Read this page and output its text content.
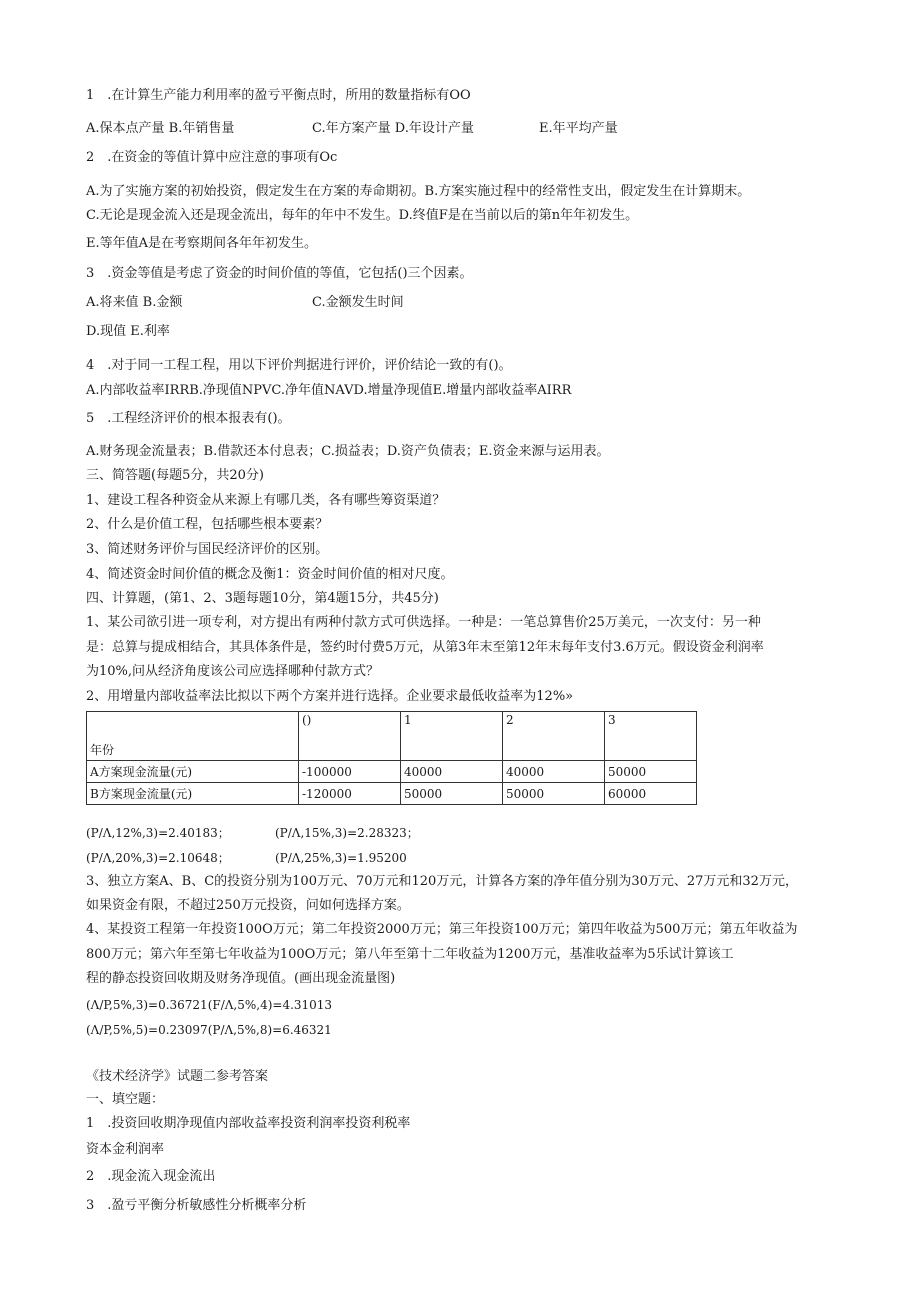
1　.在计算生产能力利用率的盈亏平衡点时，所用的数量指标有OO
A.保本点产量 B.年销售量	C.年方案产量 D.年设计产量	E.年平均产量
2　.在资金的等值计算中应注意的事项有Oc
A.为了实施方案的初始投资，假定发生在方案的寿命期初。B.方案实施过程中的经常性支出，假定发生在计算期末。
C.无论是现金流入还是现金流出，每年的年中不发生。D.终值F是在当前以后的第n年年初发生。
E.等年值A是在考察期间各年年初发生。
3　.资金等值是考虑了资金的时间价值的等值，它包括()三个因素。
A.将来值 B.金额	C.金额发生时间
D.现值 E.利率
4　.对于同一工程工程，用以下评价判据进行评价，评价结论一致的有()。
A.内部收益率IRRB.净现值NPVC.净年值NAVD.增量净现值E.增量内部收益率AIRR
5　.工程经济评价的根本报表有()。
A.财务现金流量表；B.借款还本付息表；C.损益表；D.资产负债表；E.资金来源与运用表。
三、简答题(每题5分，共20分)
1、建设工程各种资金从来源上有哪几类，各有哪些筹资渠道？
2、什么是价值工程，包括哪些根本要素？
3、简述财务评价与国民经济评价的区别。
4、简述资金时间价值的概念及衡1：资金时间价值的相对尺度。
四、计算题，(第1、2、3题每题10分，第4题15分，共45分)
1、某公司欲引进一项专利，对方提出有两种付款方式可供选择。一种是：一笔总算售价25万美元，一次支付：另一种
是：总算与提成相结合，其具体条件是，签约时付费5万元，从第3年末至第12年末每年支付3.6万元。假设资金利润率
为10%,问从经济角度该公司应选择哪种付款方式？
2、用增量内部收益率法比拟以下两个方案并进行选择。企业要求最低收益率为12%»
年份	()	1	2	3
A方案现金流量(元)	-100000	40000	40000	50000
B方案现金流量(元)	-120000	50000	50000	60000
(P/Λ,12%,3)=2.40183；	(P/Λ,15%,3)=2.28323；
(P/Λ,20%,3)=2.10648；	(P/Λ,25%,3)=1.95200
3、独立方案A、B、C的投资分别为100万元、70万元和120万元，计算各方案的净年值分别为30万元、27万元和32万元，
如果资金有限，不超过250万元投资，问如何选择方案。
4、某投资工程第一年投资100O万元；第二年投资2000万元；第三年投资100万元；第四年收益为500万元；第五年收益为
800万元；第六年至第七年收益为100O万元；第八年至第十二年收益为1200万元，基准收益率为5乐试计算该工
程的静态投资回收期及财务净现值。(画出现金流量图)
(Λ/P,5%,3)=0.36721(F/Λ,5%,4)=4.31013
(Λ/P,5%,5)=0.23097(P/Λ,5%,8)=6.46321
《技术经济学》试题二参考答案
一、填空题：
1　.投资回收期净现值内部收益率投资利润率投资利税率
资本金利润率
2　.现金流入现金流出
3　.盈亏平衡分析敏感性分析概率分析
